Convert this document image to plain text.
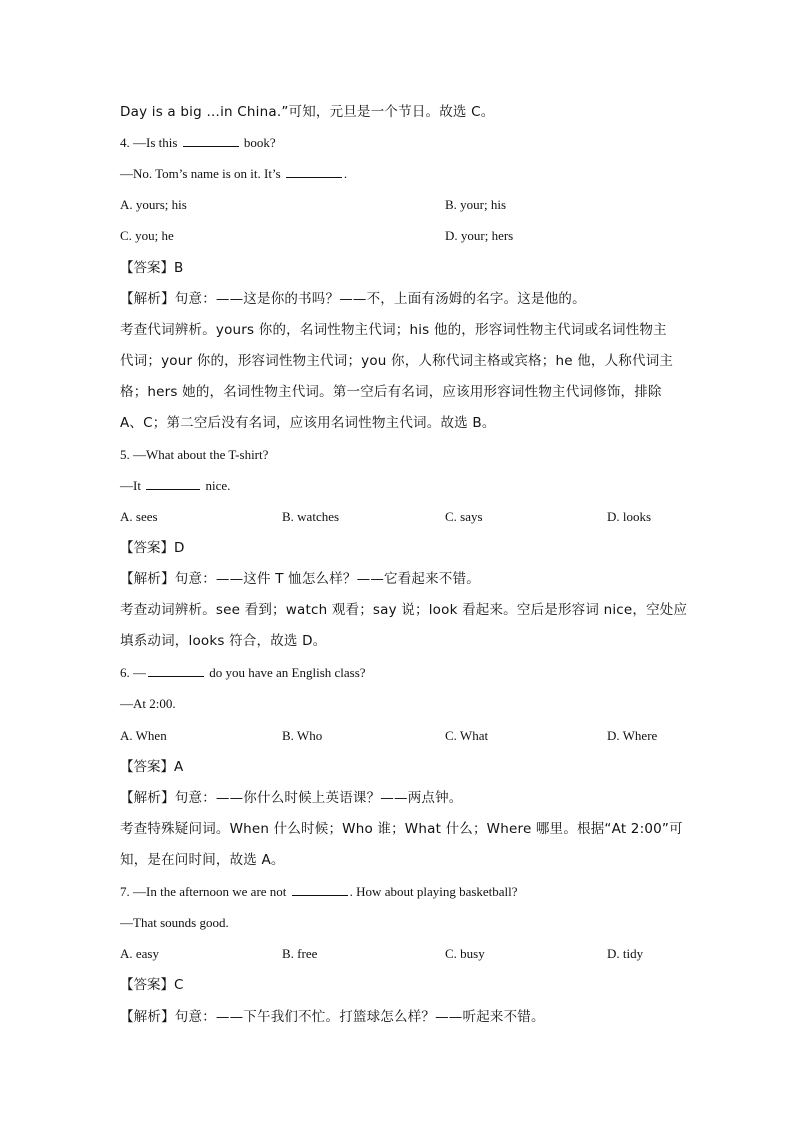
Day is a big …in China.”可知，元旦是一个节日。故选 C。
4. —Is this	book?
—No. Tom’s name is on it. It’s	.
A. yours; his	B. your; his
C. you; he	D. your; hers
【答案】B
【解析】句意：——这是你的书吗？——不，上面有汤姆的名字。这是他的。
考查代词辨析。yours 你的，名词性物主代词；his 他的，形容词性物主代词或名词性物主
代词；your 你的，形容词性物主代词；you 你，人称代词主格或宾格；he 他，人称代词主
格；hers 她的，名词性物主代词。第一空后有名词，应该用形容词性物主代词修饰，排除
A、C；第二空后没有名词，应该用名词性物主代词。故选 B。
5. —What about the T-shirt?
—It	nice.
A. sees	B. watches	C. says	D. looks
【答案】D
【解析】句意：——这件 T 恤怎么样？——它看起来不错。
考查动词辨析。see 看到；watch 观看；say 说；look 看起来。空后是形容词 nice，空处应
填系动词，looks 符合，故选 D。
6. —	do you have an English class?
—At 2:00.
A. When	B. Who	C. What	D. Where
【答案】A
【解析】句意：——你什么时候上英语课？——两点钟。
考查特殊疑问词。When 什么时候；Who 谁；What 什么；Where 哪里。根据“At 2:00”可
知，是在问时间，故选 A。
7. —In the afternoon we are not	. How about playing basketball?
—That sounds good.
A. easy	B. free	C. busy	D. tidy
【答案】C
【解析】句意：——下午我们不忙。打篮球怎么样？——听起来不错。
